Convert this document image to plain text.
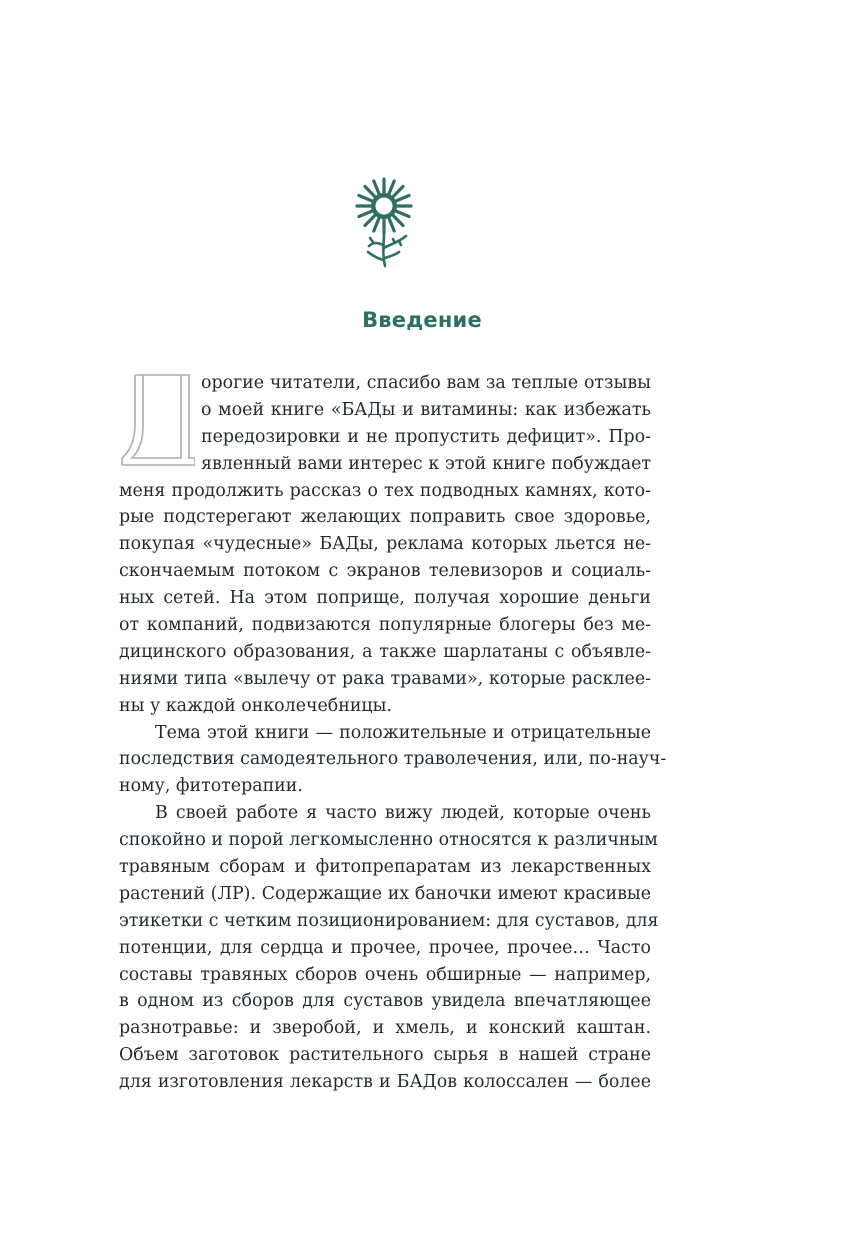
Введение
орогие читатели, спасибо вам за теплые отзывы
о моей книге «БАДы и витамины: как избежать
передозировки и не пропустить дефицит». Про-
явленный вами интерес к этой книге побуждает
меня продолжить рассказ о тех подводных камнях, кото-
рые подстерегают желающих поправить свое здоровье,
покупая «чудесные» БАДы, реклама которых льется не-
скончаемым потоком с экранов телевизоров и социаль-
ных сетей. На этом поприще, получая хорошие деньги
от компаний, подвизаются популярные блогеры без ме-
дицинского образования, а также шарлатаны с объявле-
ниями типа «вылечу от рака травами», которые расклее-
ны у каждой онколечебницы.
Тема этой книги — положительные и отрицательные
последствия самодеятельного траволечения, или, по-науч-
ному, фитотерапии.
В своей работе я часто вижу людей, которые очень
спокойно и порой легкомысленно относятся к различным
травяным сборам и фитопрепаратам из лекарственных
растений (ЛР). Содержащие их баночки имеют красивые
этикетки с четким позиционированием: для суставов, для
потенции, для сердца и прочее, прочее, прочее… Часто
составы травяных сборов очень обширные — например,
в одном из сборов для суставов увидела впечатляющее
разнотравье: и зверобой, и хмель, и конский каштан.
Объем заготовок растительного сырья в нашей стране
для изготовления лекарств и БАДов колоссален — более
